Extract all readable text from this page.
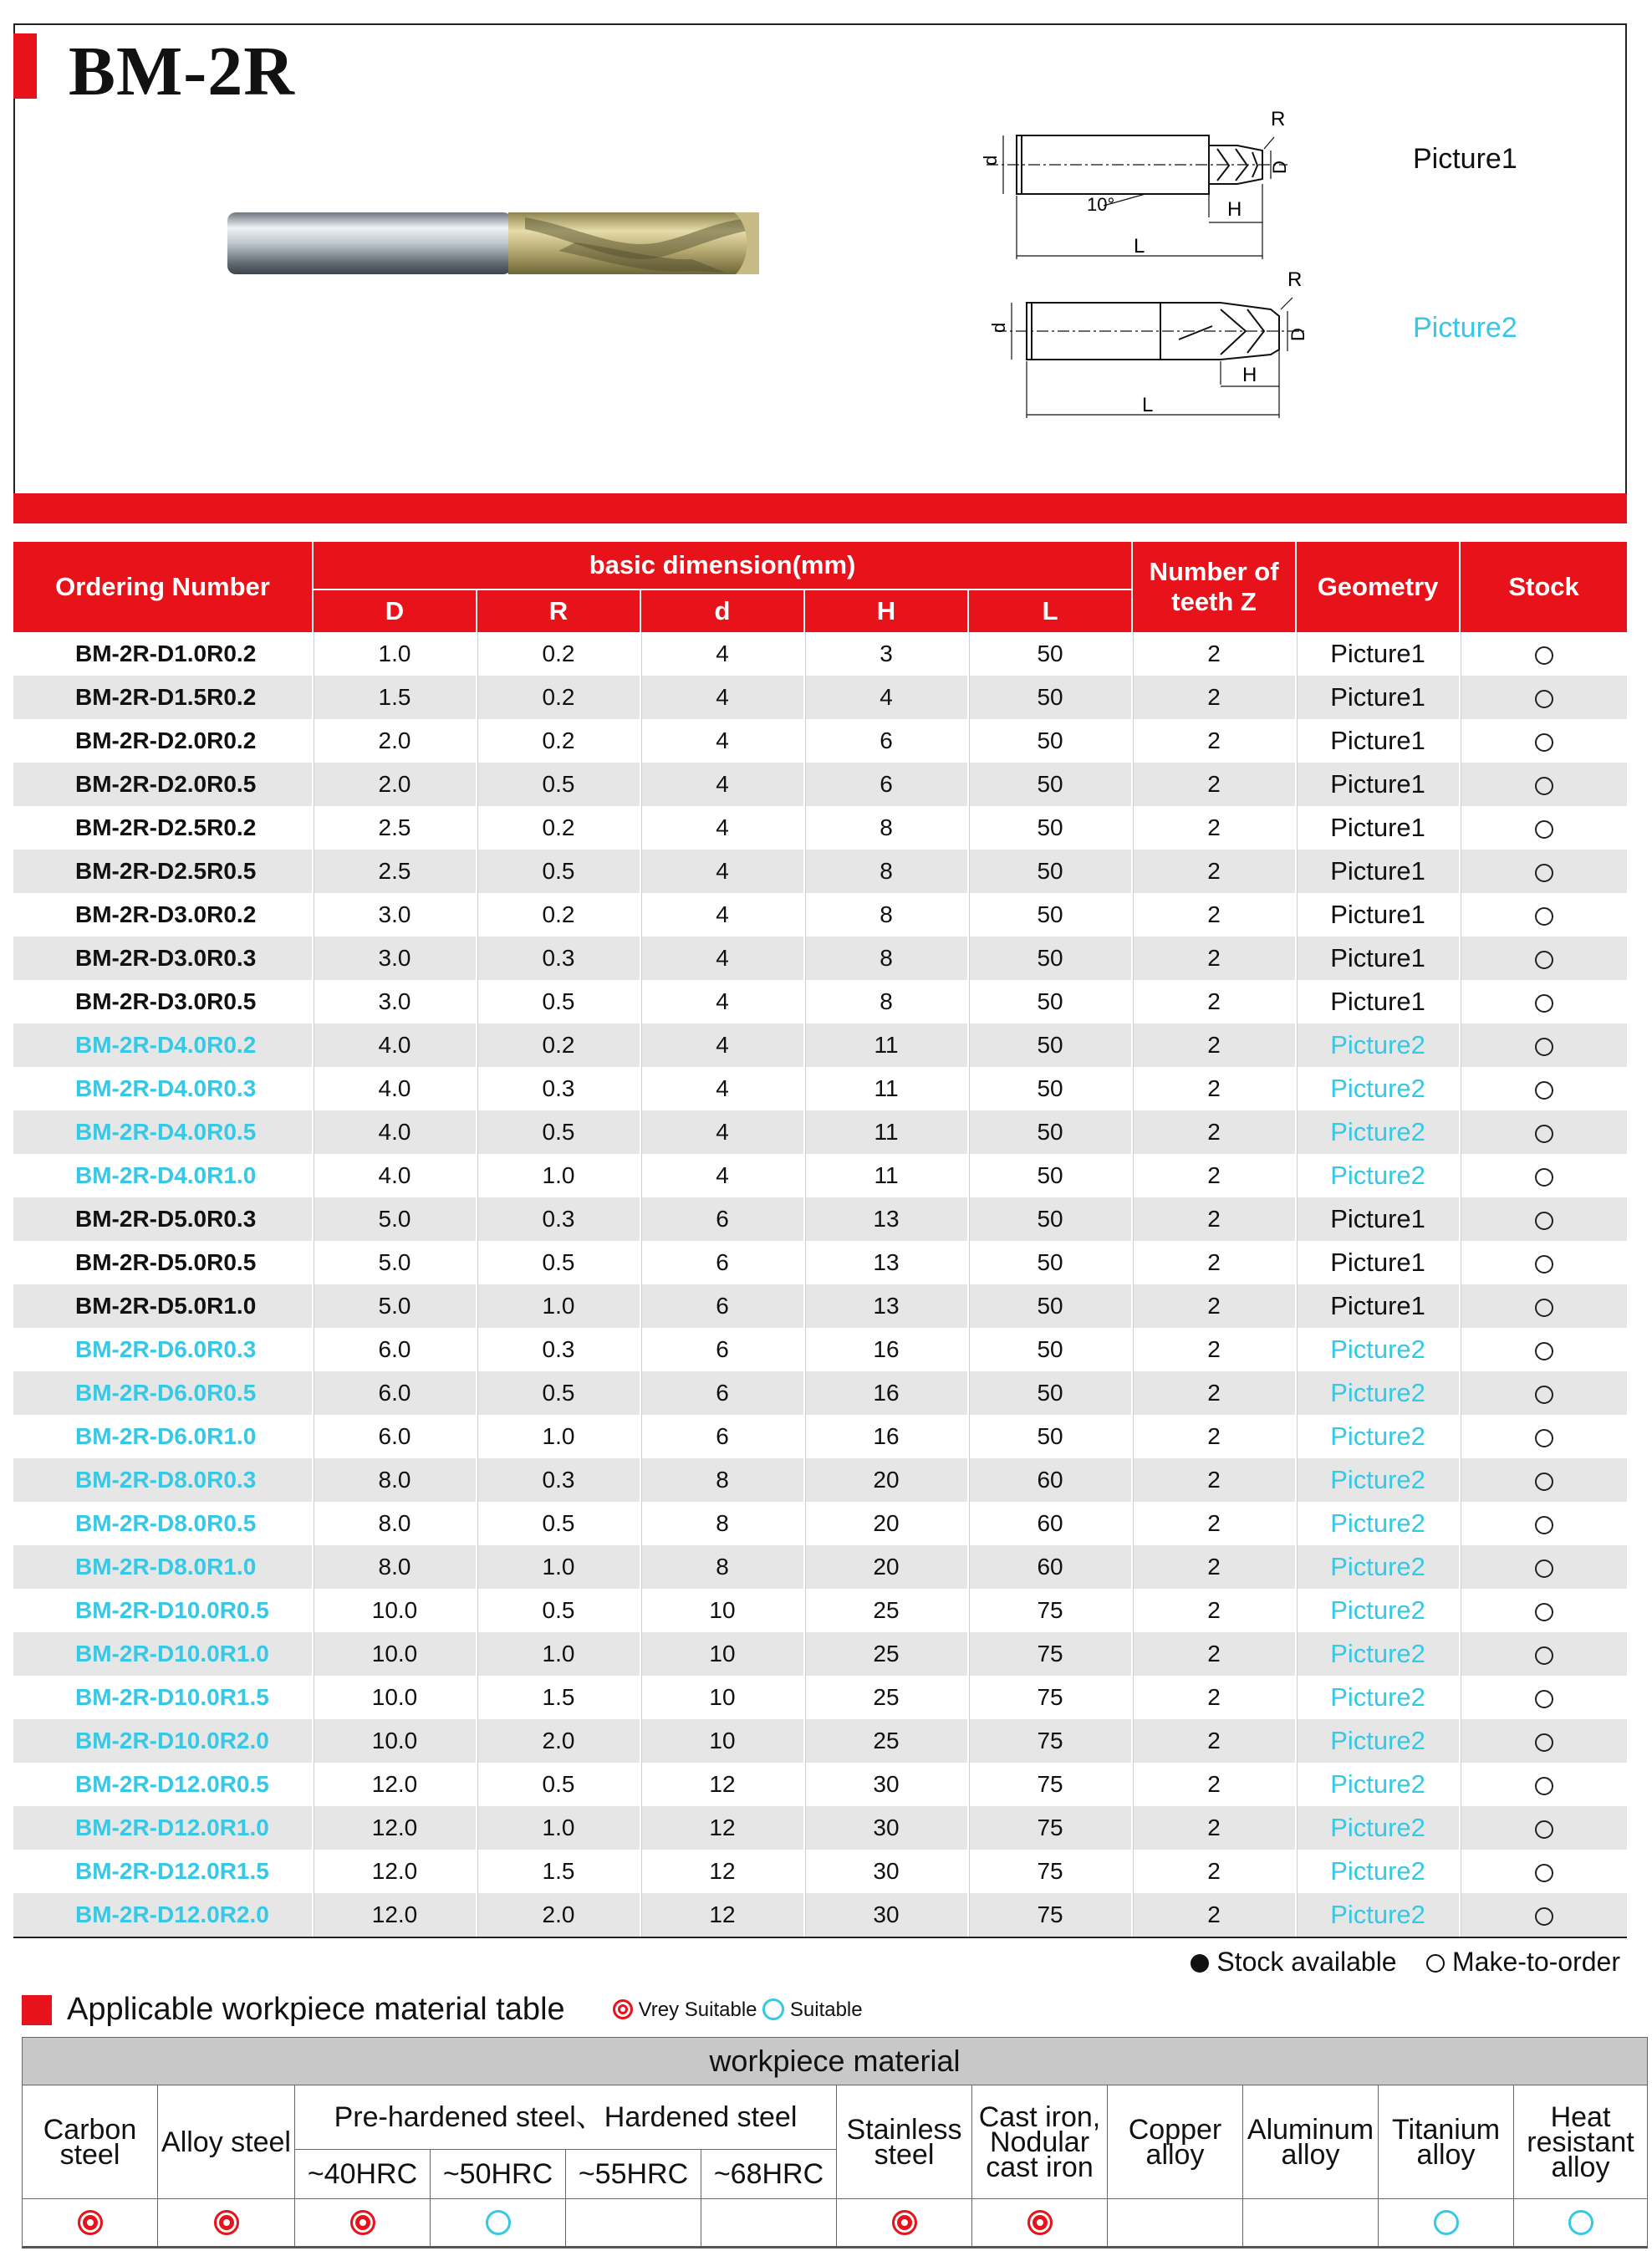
BM-2R
d
D
R
H
L
10°
d
D
R
H
L
Picture1
Picture2
Ordering Number	basic dimension(mm)					Number of teeth Z	Geometry	Stock
	D	R	d	H	L			
BM-2R-D1.0R0.2	1.0	0.2	4	3	50	2	Picture1	
BM-2R-D1.5R0.2	1.5	0.2	4	4	50	2	Picture1	
BM-2R-D2.0R0.2	2.0	0.2	4	6	50	2	Picture1	
BM-2R-D2.0R0.5	2.0	0.5	4	6	50	2	Picture1	
BM-2R-D2.5R0.2	2.5	0.2	4	8	50	2	Picture1	
BM-2R-D2.5R0.5	2.5	0.5	4	8	50	2	Picture1	
BM-2R-D3.0R0.2	3.0	0.2	4	8	50	2	Picture1	
BM-2R-D3.0R0.3	3.0	0.3	4	8	50	2	Picture1	
BM-2R-D3.0R0.5	3.0	0.5	4	8	50	2	Picture1	
BM-2R-D4.0R0.2	4.0	0.2	4	11	50	2	Picture2	
BM-2R-D4.0R0.3	4.0	0.3	4	11	50	2	Picture2	
BM-2R-D4.0R0.5	4.0	0.5	4	11	50	2	Picture2	
BM-2R-D4.0R1.0	4.0	1.0	4	11	50	2	Picture2	
BM-2R-D5.0R0.3	5.0	0.3	6	13	50	2	Picture1	
BM-2R-D5.0R0.5	5.0	0.5	6	13	50	2	Picture1	
BM-2R-D5.0R1.0	5.0	1.0	6	13	50	2	Picture1	
BM-2R-D6.0R0.3	6.0	0.3	6	16	50	2	Picture2	
BM-2R-D6.0R0.5	6.0	0.5	6	16	50	2	Picture2	
BM-2R-D6.0R1.0	6.0	1.0	6	16	50	2	Picture2	
BM-2R-D8.0R0.3	8.0	0.3	8	20	60	2	Picture2	
BM-2R-D8.0R0.5	8.0	0.5	8	20	60	2	Picture2	
BM-2R-D8.0R1.0	8.0	1.0	8	20	60	2	Picture2	
BM-2R-D10.0R0.5	10.0	0.5	10	25	75	2	Picture2	
BM-2R-D10.0R1.0	10.0	1.0	10	25	75	2	Picture2	
BM-2R-D10.0R1.5	10.0	1.5	10	25	75	2	Picture2	
BM-2R-D10.0R2.0	10.0	2.0	10	25	75	2	Picture2	
BM-2R-D12.0R0.5	12.0	0.5	12	30	75	2	Picture2	
BM-2R-D12.0R1.0	12.0	1.0	12	30	75	2	Picture2	
BM-2R-D12.0R1.5	12.0	1.5	12	30	75	2	Picture2	
BM-2R-D12.0R2.0	12.0	2.0	12	30	75	2	Picture2	
Stock available Make-to-order
Applicable workpiece material table	Vrey Suitable Suitable
workpiece material											
Carbon steel	Alloy steel	Pre-hardened steel、Hardened steel				Stainless steel	Cast iron, Nodular cast iron	Copper alloy	Aluminum alloy	Titanium alloy	Heat resistant alloy
		~40HRC	~50HRC	~55HRC	~68HRC						
